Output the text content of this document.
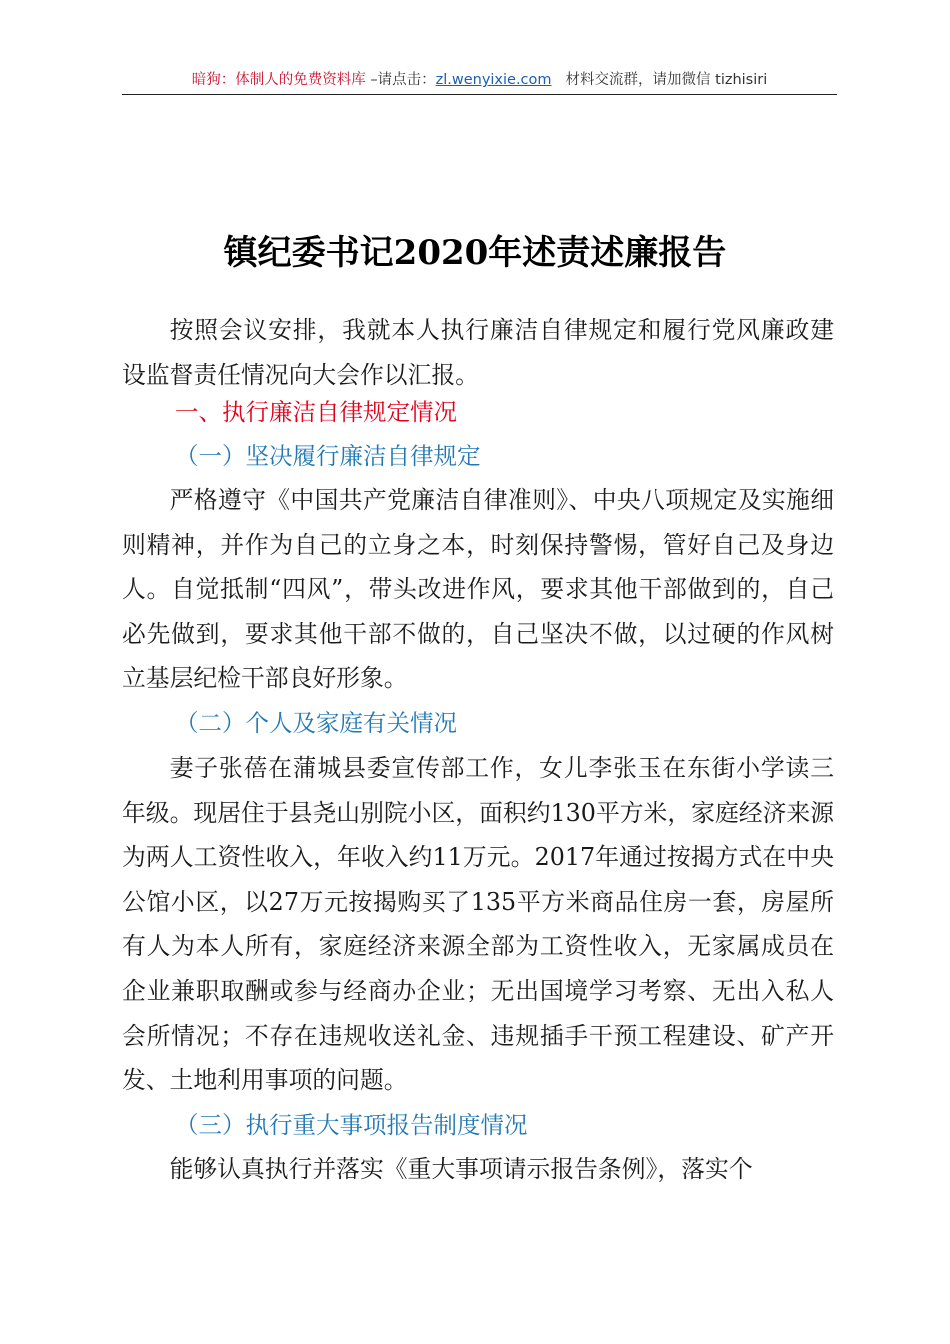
暗狗：体制人的免费资料库 –请点击：zl.wenyixie.com 材料交流群，请加微信 tizhisiri
镇纪委书记2020年述责述廉报告
按照会议安排，我就本人执行廉洁自律规定和履行党风廉政建设监督责任情况向大会作以汇报。
一、执行廉洁自律规定情况
（一）坚决履行廉洁自律规定
严格遵守《中国共产党廉洁自律准则》、中央八项规定及实施细则精神，并作为自己的立身之本，时刻保持警惕，管好自己及身边人。自觉抵制“四风”，带头改进作风，要求其他干部做到的，自己必先做到，要求其他干部不做的，自己坚决不做，以过硬的作风树立基层纪检干部良好形象。
（二）个人及家庭有关情况
妻子张蓓在蒲城县委宣传部工作，女儿李张玉在东街小学读三年级。现居住于县尧山别院小区，面积约130平方米，家庭经济来源为两人工资性收入，年收入约11万元。2017年通过按揭方式在中央公馆小区，以27万元按揭购买了135平方米商品住房一套，房屋所有人为本人所有，家庭经济来源全部为工资性收入，无家属成员在企业兼职取酬或参与经商办企业；无出国境学习考察、无出入私人会所情况；不存在违规收送礼金、违规插手干预工程建设、矿产开发、土地利用事项的问题。
（三）执行重大事项报告制度情况
能够认真执行并落实《重大事项请示报告条例》，落实个
